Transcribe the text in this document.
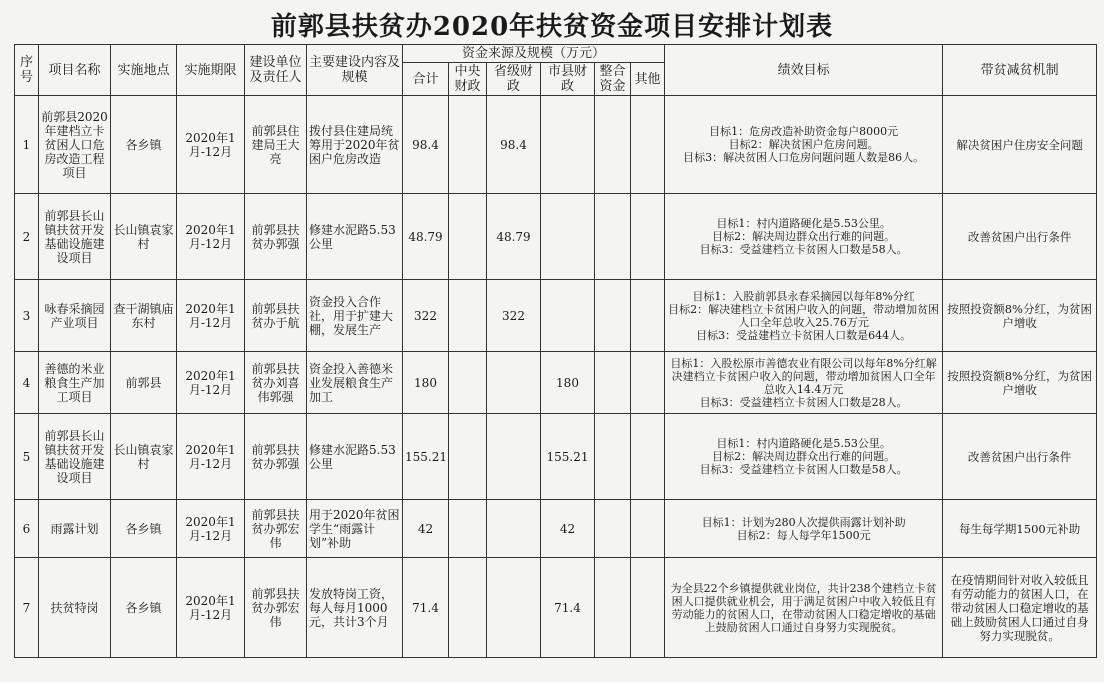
前郭县扶贫办2020年扶贫资金项目安排计划表
序号	项目名称	实施地点	实施期限	建设单位及责任人	主要建设内容及规模	资金来源及规模（万元）						绩效目标	带贫减贫机制
						合计	中央财政	省级财政	市县财政	整合资金	其他		
1	前郭县2020年建档立卡贫困人口危房改造工程项目	各乡镇	2020年1月-12月	前郭县住建局王大亮	拨付县住建局统筹用于2020年贫困户危房改造	98.4		98.4				目标1：危房改造补助资金每户8000元
目标2：解决贫困户危房问题。
目标3：解决贫困人口危房问题问题人数是86人。	解决贫困户住房安全问题
2	前郭县长山镇扶贫开发基础设施建设项目	长山镇袁家村	2020年1月-12月	前郭县扶贫办郭强	修建水泥路5.53公里	48.79		48.79				目标1：村内道路硬化是5.53公里。
目标2：解决周边群众出行难的问题。
目标3：受益建档立卡贫困人口数是58人。	改善贫困户出行条件
3	咏春采摘园产业项目	查干湖镇庙东村	2020年1月-12月	前郭县扶贫办于航	资金投入合作社，用于扩建大棚，发展生产	322		322				目标1：入股前郭县永春采摘园以每年8%分红
目标2：解决建档立卡贫困户收入的问题，带动增加贫困人口全年总收入25.76万元
目标3：受益建档立卡贫困人口数是644人。	按照投资额8%分红，为贫困户增收
4	善德的米业粮食生产加工项目	前郭县	2020年1月-12月	前郭县扶贫办刘喜伟郭强	资金投入善德米业发展粮食生产加工	180			180			目标1：入股松原市善德农业有限公司以每年8%分红解决建档立卡贫困户收入的问题，带动增加贫困人口全年总收入14.4万元
目标3：受益建档立卡贫困人口数是28人。	按照投资额8%分红，为贫困户增收
5	前郭县长山镇扶贫开发基础设施建设项目	长山镇袁家村	2020年1月-12月	前郭县扶贫办郭强	修建水泥路5.53公里	155.21			155.21			目标1：村内道路硬化是5.53公里。
目标2：解决周边群众出行难的问题。
目标3：受益建档立卡贫困人口数是58人。	改善贫困户出行条件
6	雨露计划	各乡镇	2020年1月-12月	前郭县扶贫办郭宏伟	用于2020年贫困学生“雨露计划”补助	42			42			目标1：计划为280人次提供雨露计划补助
目标2：每人每学年1500元	每生每学期1500元补助
7	扶贫特岗	各乡镇	2020年1月-12月	前郭县扶贫办郭宏伟	发放特岗工资，每人每月1000元，共计3个月	71.4			71.4			为全县22个乡镇提供就业岗位，共计238个建档立卡贫困人口提供就业机会，用于满足贫困户中收入较低且有劳动能力的贫困人口，在带动贫困人口稳定增收的基础上鼓励贫困人口通过自身努力实现脱贫。	在疫情期间针对收入较低且有劳动能力的贫困人口，在带动贫困人口稳定增收的基础上鼓励贫困人口通过自身努力实现脱贫。
